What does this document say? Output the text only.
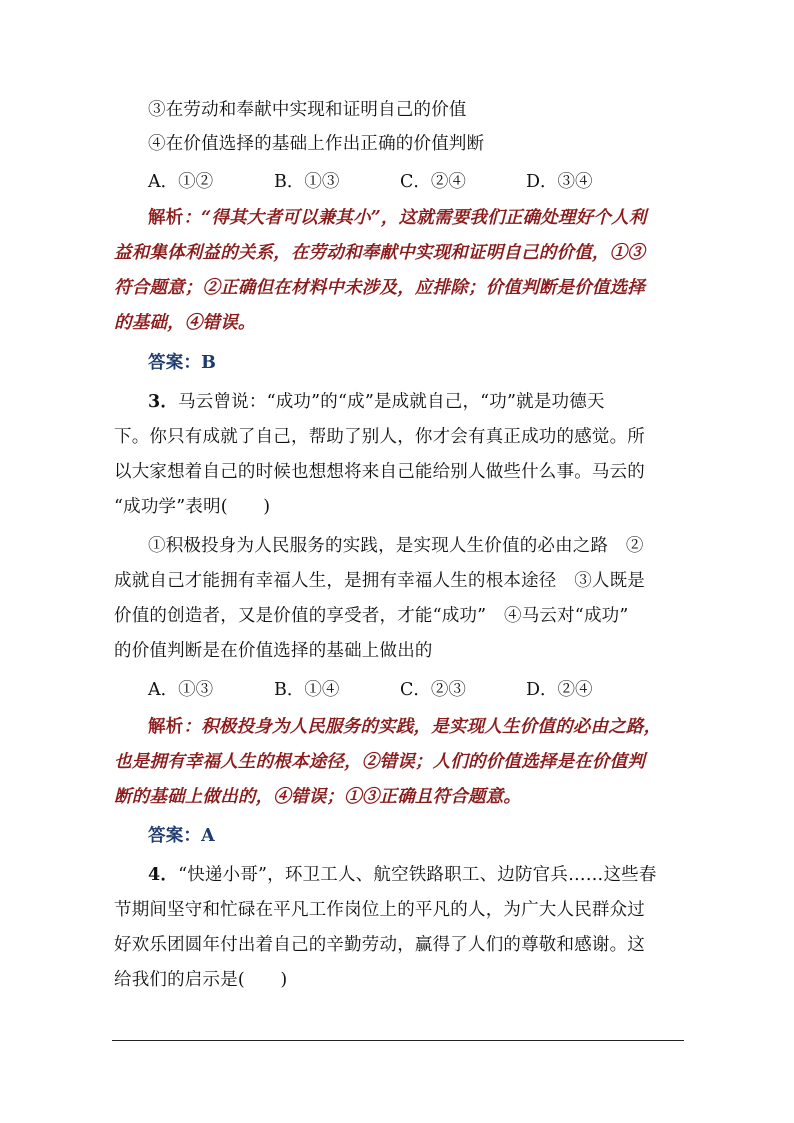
③在劳动和奉献中实现和证明自己的价值
④在价值选择的基础上作出正确的价值判断
A．①②	B．①③	C．②④	D．③④
解析：“得其大者可以兼其小”，这就需要我们正确处理好个人利
益和集体利益的关系，在劳动和奉献中实现和证明自己的价值，①③
符合题意；②正确但在材料中未涉及，应排除；价值判断是价值选择
的基础，④错误。
答案：B
3．马云曾说：“成功”的“成”是成就自己，“功”就是功德天
下。你只有成就了自己，帮助了别人，你才会有真正成功的感觉。所
以大家想着自己的时候也想想将来自己能给别人做些什么事。马云的
“成功学”表明(　　)
①积极投身为人民服务的实践，是实现人生价值的必由之路　②
成就自己才能拥有幸福人生，是拥有幸福人生的根本途径　③人既是
价值的创造者，又是价值的享受者，才能“成功”　④马云对“成功”
的价值判断是在价值选择的基础上做出的
A．①③	B．①④	C．②③	D．②④
解析：积极投身为人民服务的实践，是实现人生价值的必由之路，
也是拥有幸福人生的根本途径，②错误；人们的价值选择是在价值判
断的基础上做出的，④错误；①③正确且符合题意。
答案：A
4．“快递小哥”，环卫工人、航空铁路职工、边防官兵……这些春
节期间坚守和忙碌在平凡工作岗位上的平凡的人，为广大人民群众过
好欢乐团圆年付出着自己的辛勤劳动，赢得了人们的尊敬和感谢。这
给我们的启示是(　　)
